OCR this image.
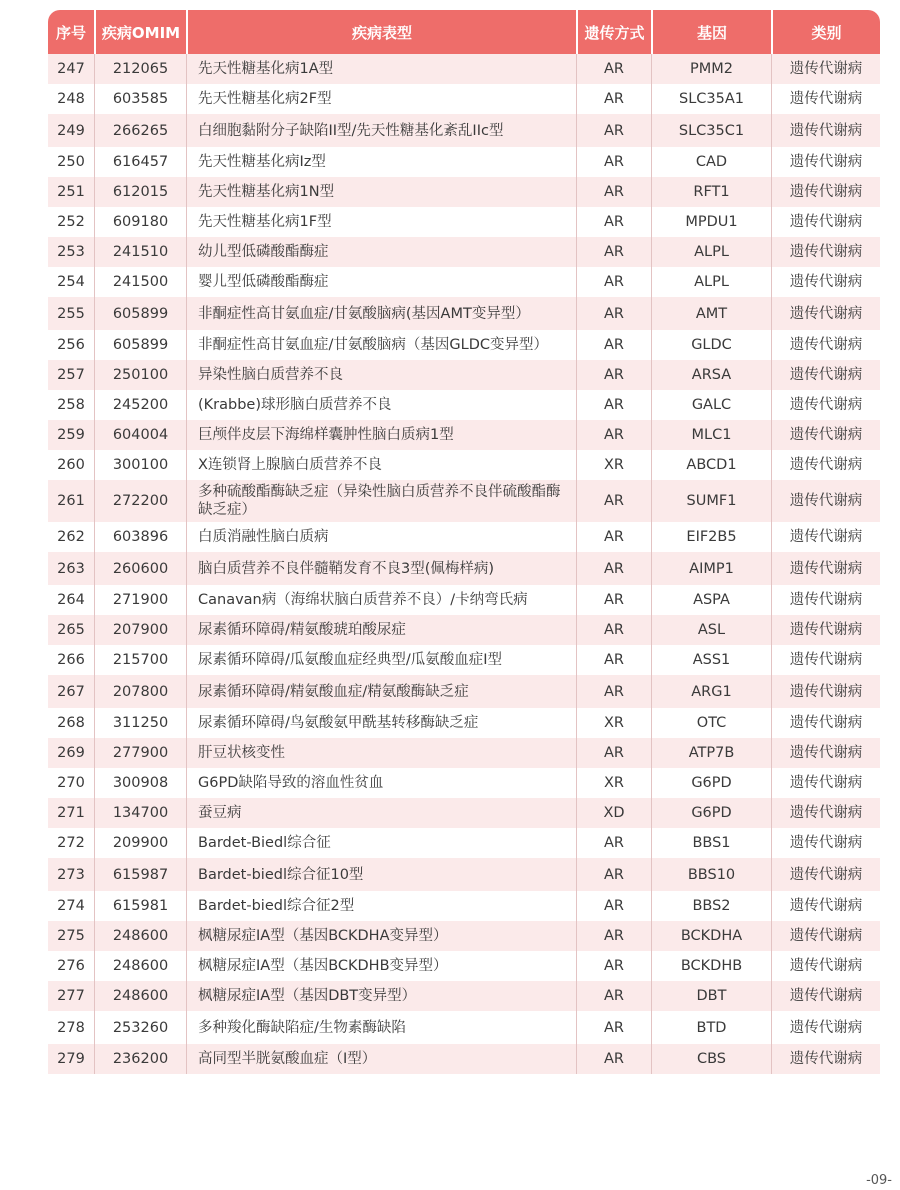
序号	疾病OMIM	疾病表型	遗传方式	基因	类别
247	212065	先天性糖基化病1A型	AR	PMM2	遗传代谢病
248	603585	先天性糖基化病2F型	AR	SLC35A1	遗传代谢病
249	266265	白细胞黏附分子缺陷II型/先天性糖基化紊乱IIc型	AR	SLC35C1	遗传代谢病
250	616457	先天性糖基化病Iz型	AR	CAD	遗传代谢病
251	612015	先天性糖基化病1N型	AR	RFT1	遗传代谢病
252	609180	先天性糖基化病1F型	AR	MPDU1	遗传代谢病
253	241510	幼儿型低磷酸酯酶症	AR	ALPL	遗传代谢病
254	241500	婴儿型低磷酸酯酶症	AR	ALPL	遗传代谢病
255	605899	非酮症性高甘氨血症/甘氨酸脑病(基因AMT变异型）	AR	AMT	遗传代谢病
256	605899	非酮症性高甘氨血症/甘氨酸脑病（基因GLDC变异型）	AR	GLDC	遗传代谢病
257	250100	异染性脑白质营养不良	AR	ARSA	遗传代谢病
258	245200	(Krabbe)球形脑白质营养不良	AR	GALC	遗传代谢病
259	604004	巨颅伴皮层下海绵样囊肿性脑白质病1型	AR	MLC1	遗传代谢病
260	300100	X连锁肾上腺脑白质营养不良	XR	ABCD1	遗传代谢病
261	272200	多种硫酸酯酶缺乏症（异染性脑白质营养不良伴硫酸酯酶缺乏症）	AR	SUMF1	遗传代谢病
262	603896	白质消融性脑白质病	AR	EIF2B5	遗传代谢病
263	260600	脑白质营养不良伴髓鞘发育不良3型(佩梅样病)	AR	AIMP1	遗传代谢病
264	271900	Canavan病（海绵状脑白质营养不良）/卡纳弯氏病	AR	ASPA	遗传代谢病
265	207900	尿素循环障碍/精氨酸琥珀酸尿症	AR	ASL	遗传代谢病
266	215700	尿素循环障碍/瓜氨酸血症经典型/瓜氨酸血症I型	AR	ASS1	遗传代谢病
267	207800	尿素循环障碍/精氨酸血症/精氨酸酶缺乏症	AR	ARG1	遗传代谢病
268	311250	尿素循环障碍/鸟氨酸氨甲酰基转移酶缺乏症	XR	OTC	遗传代谢病
269	277900	肝豆状核变性	AR	ATP7B	遗传代谢病
270	300908	G6PD缺陷导致的溶血性贫血	XR	G6PD	遗传代谢病
271	134700	蚕豆病	XD	G6PD	遗传代谢病
272	209900	Bardet-Biedl综合征	AR	BBS1	遗传代谢病
273	615987	Bardet-biedl综合征10型	AR	BBS10	遗传代谢病
274	615981	Bardet-biedl综合征2型	AR	BBS2	遗传代谢病
275	248600	枫糖尿症IA型（基因BCKDHA变异型）	AR	BCKDHA	遗传代谢病
276	248600	枫糖尿症IA型（基因BCKDHB变异型）	AR	BCKDHB	遗传代谢病
277	248600	枫糖尿症IA型（基因DBT变异型）	AR	DBT	遗传代谢病
278	253260	多种羧化酶缺陷症/生物素酶缺陷	AR	BTD	遗传代谢病
279	236200	高同型半胱氨酸血症（I型）	AR	CBS	遗传代谢病
-09-
